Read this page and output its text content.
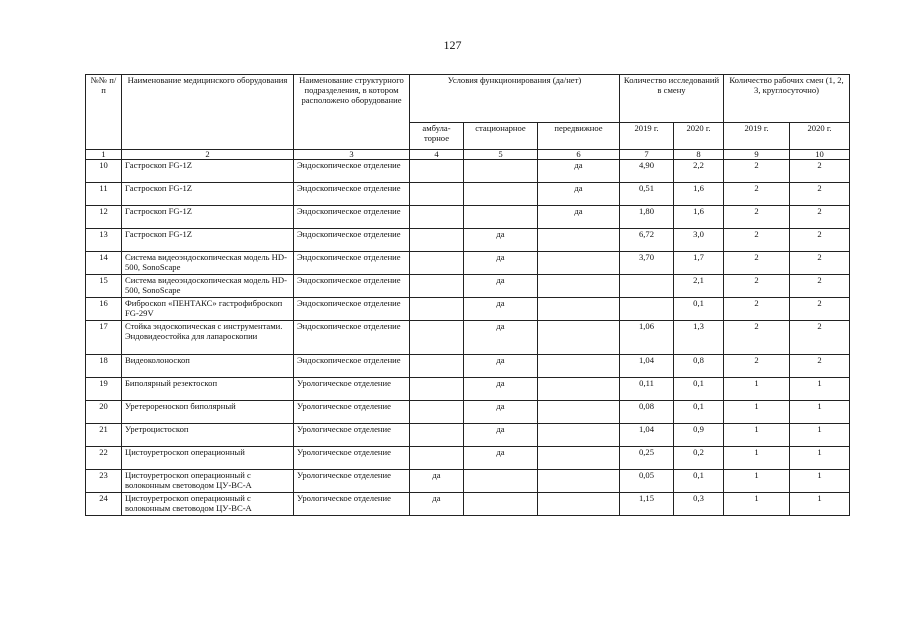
127
№№ п/п	Наименование медицинского оборудования	Наименование структурного подразделения, в котором расположено оборудование	Условия функционирования (да/нет)			Количество исследований в смену		Количество рабочих смен (1, 2, 3, круглосуточно)	
			амбула-торное	стационарное	передвижное	2019 г.	2020 г.	2019 г.	2020 г.
1	2	3	4	5	6	7	8	9	10
10	Гастроскоп FG-1Z	Эндоскопическое отделение			да	4,90	2,2	2	2
11	Гастроскоп FG-1Z	Эндоскопическое отделение			да	0,51	1,6	2	2
12	Гастроскоп FG-1Z	Эндоскопическое отделение			да	1,80	1,6	2	2
13	Гастроскоп FG-1Z	Эндоскопическое отделение		да		6,72	3,0	2	2
14	Система видеоэндоскопическая модель HD-500, SonoScape	Эндоскопическое отделение		да		3,70	1,7	2	2
15	Система видеоэндоскопическая модель HD-500, SonoScape	Эндоскопическое отделение		да			2,1	2	2
16	Фиброскоп «ПЕНТАКС» гастрофиброскоп FG-29V	Эндоскопическое отделение		да			0,1	2	2
17	Стойка эндоскопическая с инструментами. Эндовидеостойка для лапароскопии	Эндоскопическое отделение		да		1,06	1,3	2	2
18	Видеоколоноскоп	Эндоскопическое отделение		да		1,04	0,8	2	2
19	Биполярный резектоскоп	Урологическое отделение		да		0,11	0,1	1	1
20	Уретерореноскоп биполярный	Урологическое отделение		да		0,08	0,1	1	1
21	Уретроцистоскоп	Урологическое отделение		да		1,04	0,9	1	1
22	Цистоуретроскоп операционный	Урологическое отделение		да		0,25	0,2	1	1
23	Цистоуретроскоп операционный с волоконным световодом ЦУ-ВС-А	Урологическое отделение	да			0,05	0,1	1	1
24	Цистоуретроскоп операционный с волоконным световодом ЦУ-ВС-А	Урологическое отделение	да			1,15	0,3	1	1
